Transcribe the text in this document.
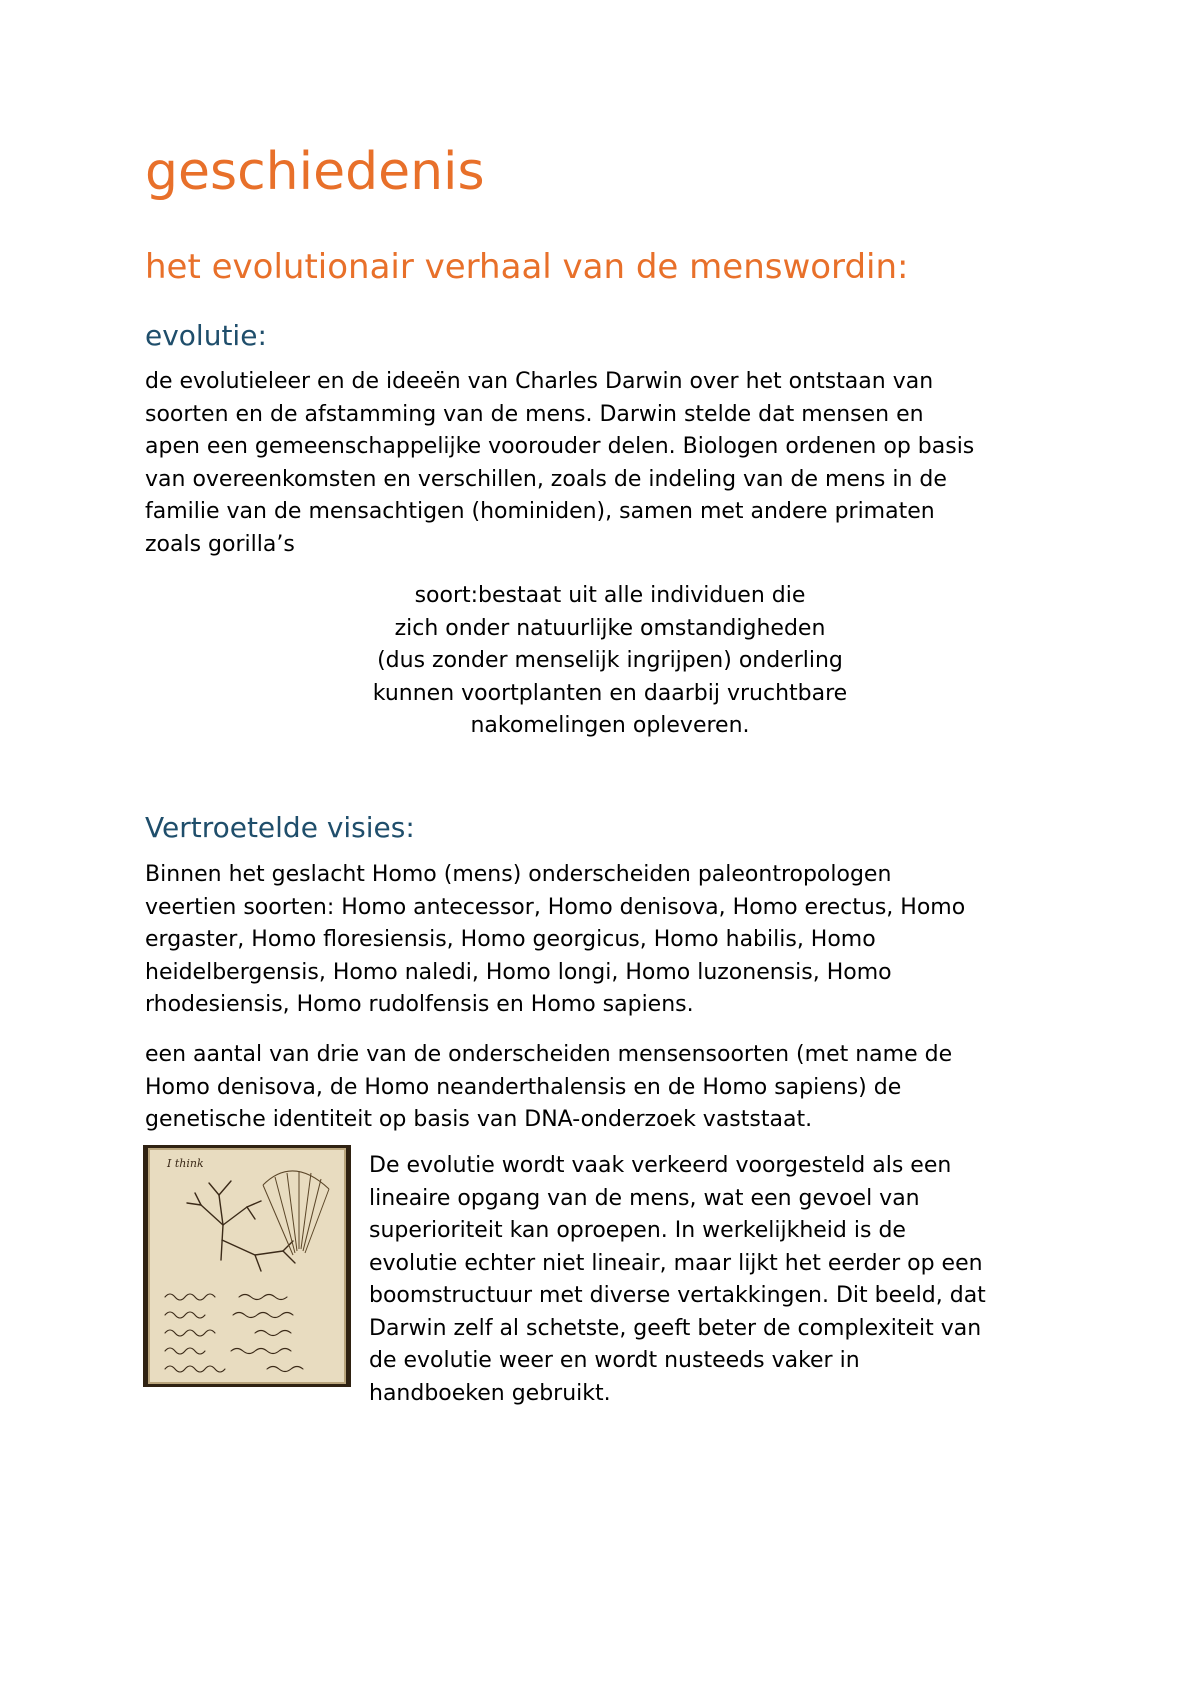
geschiedenis
het evolutionair verhaal van de menswordin:
evolutie:

de evolutieleer en de ideeën van Charles Darwin over het ontstaan van
soorten en de afstamming van de mens. Darwin stelde dat mensen en
apen een gemeenschappelijke voorouder delen. Biologen ordenen op basis
van overeenkomsten en verschillen, zoals de indeling van de mens in de
familie van de mensachtigen (hominiden), samen met andere primaten
zoals gorilla’s

soort:bestaat uit alle individuen die
zich onder natuurlijke omstandigheden
(dus zonder menselijk ingrijpen) onderling
kunnen voortplanten en daarbij vruchtbare
nakomelingen opleveren.

Vertroetelde visies:

Binnen het geslacht Homo (mens) onderscheiden paleontropologen
veertien soorten: Homo antecessor, Homo denisova, Homo erectus, Homo
ergaster, Homo floresiensis, Homo georgicus, Homo habilis, Homo
heidelbergensis, Homo naledi, Homo longi, Homo luzonensis, Homo
rhodesiensis, Homo rudolfensis en Homo sapiens.

een aantal van drie van de onderscheiden mensensoorten (met name de
Homo denisova, de Homo neanderthalensis en de Homo sapiens) de
genetische identiteit op basis van DNA-onderzoek vaststaat.

I think	De evolutie wordt vaak verkeerd voorgesteld als een
lineaire opgang van de mens, wat een gevoel van
superioriteit kan oproepen. In werkelijkheid is de
evolutie echter niet lineair, maar lijkt het eerder op een
boomstructuur met diverse vertakkingen. Dit beeld, dat
Darwin zelf al schetste, geeft beter de complexiteit van
de evolutie weer en wordt nusteeds vaker in
handboeken gebruikt.
